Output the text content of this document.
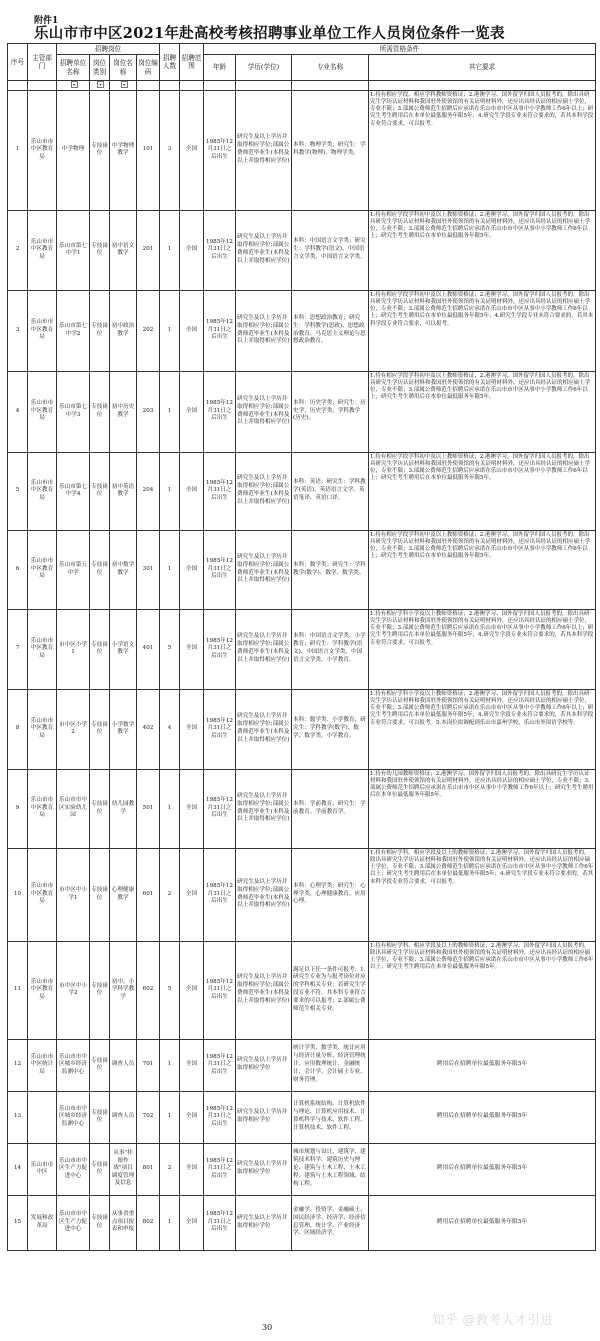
附件1
乐山市市中区2021年赴高校考核招聘事业单位工作人员岗位条件一览表
序号	主管部门	招聘岗位				招聘人数	招聘范围	所需资格条件			
		招聘单位名称	岗位类别	岗位名称	岗位编码			年龄	学历(学位)	专业名称	其它要求
		▾	▾	▾							
1	乐山市市中区教育局	中学物理	专技岗位	中学物理教学	101	3	全国	1985年12月31日之后出生	研究生及以上学历并取得相应学位;部属公费师范毕业生(本科及以上并取得相应学位)	本科：物理学类；研究生：学科教学(物理)、物理学类。	1.持有相应学段、相应学科教师资格证；2.港澳学习、国外留学归国人员报考的，除出具研究生学历认证材料和我国驻外使领馆的有关证明材料外，还应出具经认证的相应硕士学位，专业不限；3.部属公费师范生招聘后应承诺在乐山市市中区从事中小学教师工作6年以上；研究生考生聘用后在本单位最低服务年限5年；4.研究生学段专业未符合要求的，若其本科学段专业符合要求，可以报考。
2	乐山市市中区教育局	乐山市第七中学1	专技岗位	初中语文教学	201	1	全国	1985年12月31日之后出生	研究生及以上学历并取得相应学位;部属公费师范毕业生(本科及以上并取得相应学位)	本科：中国语言文学类；研究生：学科教学(语文)、中国语言文学类、中国语言文学类。	1.持有相应学段学科初中及以上教师资格证；2.港澳学习、国外留学归国人员报考的，除出具研究生学历认证材料和我国驻外使领馆的有关证明材料外，还应出具经认证的相应硕士学位，专业不限；3.部属公费师范生招聘后应承诺在乐山市市中区从事中小学教师工作6年以上；研究生考生聘用后在本单位最低服务年限5年。
3	乐山市市中区教育局	乐山市第七中学2	专技岗位	初中政治教学	202	1	全国	1985年12月31日之后出生	研究生及以上学历并取得相应学位;部属公费师范毕业生(本科及以上并取得相应学位)	本科：思想政治教育；研究生：学科教学(思政)、思想政治教育、马克思主义理论与思想政治教育。	1.持有相应学段学科初中及以上教师资格证；2.港澳学习、国外留学归国人员报考的，除出具研究生学历认证材料和我国驻外使领馆的有关证明材料外，还应出具经认证的相应硕士学位，专业不限；3.部属公费师范生招聘后应承诺在乐山市市中区从事中小学教师工作6年以上；研究生考生聘用后在本单位最低服务年限5年；4.研究生学段专业未符合要求的，若其本科学段专业符合要求，可以报考。
4	乐山市市中区教育局	乐山市第七中学3	专技岗位	初中历史教学	203	1	全国	1985年12月31日之后出生	研究生及以上学历并取得相应学位;部属公费师范毕业生(本科及以上并取得相应学位)	本科：历史学类；研究生：历史学、历史学类、学科教学(历史)。	1.持有相应学段学科初中及以上教师资格证；2.港澳学习、国外留学归国人员报考的，除出具研究生学历认证材料和我国驻外使领馆的有关证明材料外，还应出具经认证的相应硕士学位，专业不限；3.部属公费师范生招聘后应承诺在乐山市市中区从事中小学教师工作6年以上；研究生考生聘用后在本单位最低服务年限5年。
5	乐山市市中区教育局	乐山市第七中学4	专技岗位	初中英语教学	204	1	全国	1985年12月31日之后出生	研究生及以上学历并取得相应学位;部属公费师范毕业生(本科及以上并取得相应学位)	本科：英语；研究生：学科教学(英语)、英语语言文学、英语笔译、英语口译。	1.持有相应学段学科初中及以上教师资格证；2.港澳学习、国外留学归国人员报考的，除出具研究生学历认证材料和我国驻外使领馆的有关证明材料外，还应出具经认证的相应硕士学位，专业不限；3.部属公费师范生招聘后应承诺在乐山市市中区从事中小学教师工作6年以上；研究生考生聘用后在本单位最低服务年限5年。
6	乐山市市中区教育局	乐山市第五中学	专技岗位	初中数学教学	301	1	全国	1985年12月31日之后出生	研究生及以上学历并取得相应学位;部属公费师范毕业生(本科及以上并取得相应学位)	本科：数学类；研究生：学科教学(数学)、数学、数学类。	1.持有相应学段学科初中及以上教师资格证；2.港澳学习、国外留学归国人员报考的，除出具研究生学历认证材料和我国驻外使领馆的有关证明材料外，还应出具经认证的相应硕士学位，专业不限；3.部属公费师范生招聘后应承诺在乐山市市中区从事中小学教师工作6年以上；研究生考生聘用后在本单位最低服务年限5年。
7	乐山市市中区教育局	市中区小学1	专技岗位	小学语文教学	401	5	全国	1985年12月31日之后出生	研究生及以上学历并取得相应学位;部属公费师范毕业生(本科及以上并取得相应学位)	本科：中国语言文学类、小学教育；研究生：学科教学(语文)、中国语言文学类、中国语言文学类、小学教育。	1.持有相应学科小学及以上教师资格证；2.港澳学习、国外留学归国人员报考的，除出具研究生学历认证材料和我国驻外使领馆的有关证明材料外，还应出具经认证的相应硕士学位，专业不限；3.部属公费师范生招聘后应承诺在乐山市市中区从事中小学教师工作6年以上；研究生考生聘用后在本单位最低服务年限5年；4.研究生学段专业未符合要求的，若其本科学段专业符合要求，可以报考。
8	乐山市市中区教育局	市中区小学2	专技岗位	小学数学教学	402	4	全国	1985年12月31日之后出生	研究生及以上学历并取得相应学位;部属公费师范毕业生(本科及以上并取得相应学位)	本科：数学类、小学教育；研究生：学科教学(数学)、数学、数学类、小学教育。	1.持有相应学科小学及以上教师资格证；2.港澳学习、国外留学归国人员报考的，除出具研究生学历认证材料和我国驻外使领馆的有关证明材料外，还应出具经认证的相应硕士学位，专业不限；3.部属公费师范生招聘后应承诺在乐山市市中区从事中小学教师工作6年以上；研究生考生聘用后在本单位最低服务年限5年；4.研究生学段专业未符合要求的，若其本科学段专业符合要求，可以报考。5.本岗位拟调配到乐山市嘉州学校、乐山市外国语学校等。
9	乐山市市中区教育局	乐山市市中区实验幼儿园	专技岗位	幼儿园教学	501	1	全国	1985年12月31日之后出生	研究生及以上学历并取得相应学位;部属公费师范毕业生(本科及以上并取得相应学位)	本科：学前教育；研究生：学前教育、学前教育学。	1.持有幼儿园教师资格证；2.港澳学习、国外留学归国人员报考的，除出具研究生学历认证材料和我国驻外使领馆的有关证明材料外，还应出具经认证的相应硕士学位，专业不限；3.部属公费师范生招聘后应承诺在乐山市市中区从事中小学教师工作6年以上；研究生考生聘用后在本单位最低服务年限5年。
10	乐山市市中区教育局	市中区中小学1	专技岗位	心理健康教学	601	2	全国	1985年12月31日之后出生	研究生及以上学历并取得相应学位;部属公费师范毕业生(本科及以上并取得相应学位)	本科：心理学类；研究生：心理学类、心理健康教育、应用心理。	1.持有相应学科、相应学段及以上的教师资格证；2.港澳学习、国外留学归国人员报考的，除出具研究生学历认证材料和我国驻外使领馆的有关证明材料外，还应出具经认证的相应硕士学位，专业不限；3.部属公费师范生招聘后应承诺在乐山市市中区从事中小学教师工作6年以上；研究生考生聘用后在本单位最低服务年限5年；4.研究生学段专业未符合要求的，若其本科学段专业符合要求，可以报考。
11	乐山市市中区教育局	市中区中小学2	专技岗位	初中、小学科学教学	602	5	全国	1985年12月31日之后出生	研究生及以上学历并取得相应学位;部属公费师范毕业生(本科及以上并取得相应学位)	满足以下任一条件可报考：1.研究生专业为与报考岗位对应的学科相关专业；若研究生学段专业不符，其本科专业符合要求的可以报考；2.部属公费师范生相关专业。	1.持有相应学科、相应学段及以上的教师资格证；2.港澳学习、国外留学归国人员报考的，除出具研究生学历认证材料和我国驻外使领馆的有关证明材料外，还应出具经认证的相应硕士学位，专业不限；3.部属公费师范生招聘后应承诺在乐山市市中区从事中小学教师工作6年以上；研究生考生聘用后在本单位最低服务年限5年。
12	乐山市市中区统计局	乐山市市中区城乡经济监测中心	专技岗位	调查人员	701	1	全国	1985年12月31日之后出生	研究生及以上学历并取得相应学位	统计学类、数学类、统计应用与经济计量分析、经济管理统计、应用数理统计、金融统计、会计学、会计硕士专业、财务管理。	聘用后在招聘单位最低服务年限5年
13		乐山市市中区城乡经济监测中心	专技岗位	调查人员	702	1	全国	1985年12月31日之后出生	研究生及以上学历并取得相应学位	计算机系统结构、计算机软件与理论、计算机应用技术、计算机科学与技术、软件工程、计算机技术、软件工程。	聘用后在招聘单位最低服务年限5年
14	乐山市市中区	乐山市市中区生产力促进中心	专技岗位	从事"挂图作战"项目调度管理及信息	801	2	全国	1985年12月31日之后出生	研究生及以上学历并取得相应学位	城市规划与设计、建筑学、建筑技术科学、建筑历史与理论、建筑与土木工程、土木工程、建筑与土木工程领域、结构工程。	聘用后在招聘单位最低服务年限5年
15	发展和改革局	乐山市市中区生产力促进中心	专技岗位	从事省重点项目报表和申报	802	1	全国	1985年12月31日之后出生	研究生及以上学历并取得相应学位	金融学、投资学、金融硕士、国民经济学、经济学、经济信息管理、统计学、产业经济学、区域经济学。	聘用后在招聘单位最低服务年限5年
30
知乎 @教考人才引进
